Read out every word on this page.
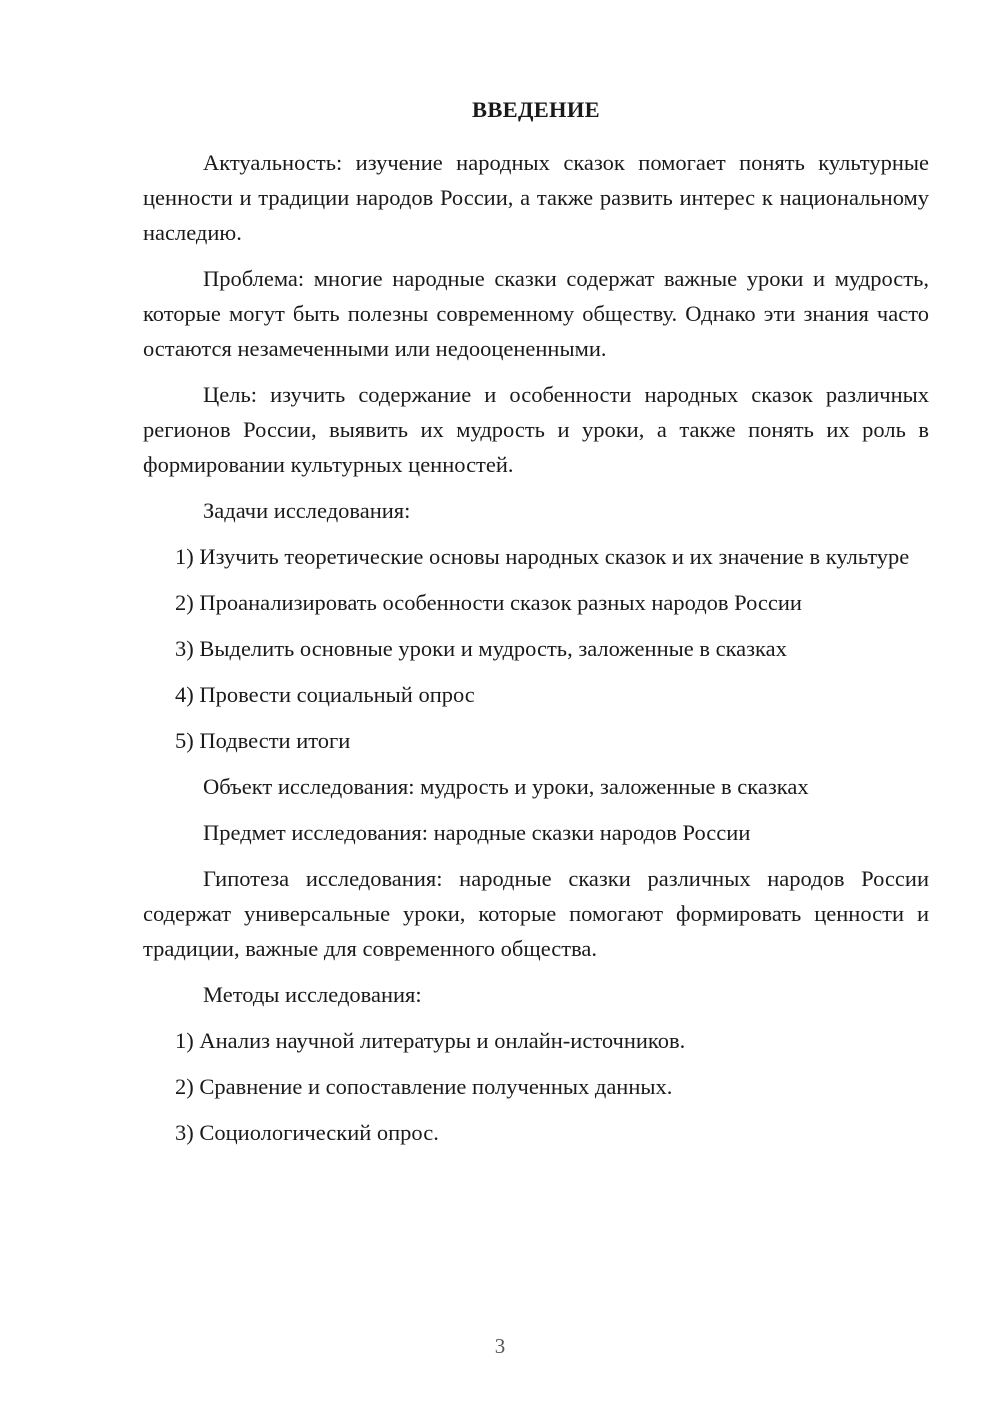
ВВЕДЕНИЕ

Актуальность: изучение народных сказок помогает понять культурные ценности и традиции народов России, а также развить интерес к национальному наследию.

Проблема: многие народные сказки содержат важные уроки и мудрость, которые могут быть полезны современному обществу. Однако эти знания часто остаются незамеченными или недооцененными.

Цель: изучить содержание и особенности народных сказок различных регионов России, выявить их мудрость и уроки, а также понять их роль в формировании культурных ценностей.

Задачи исследования:

1) Изучить теоретические основы народных сказок и их значение в культуре

2) Проанализировать особенности сказок разных народов России

3) Выделить основные уроки и мудрость, заложенные в сказках

4) Провести социальный опрос

5) Подвести итоги

Объект исследования: мудрость и уроки, заложенные в сказках

Предмет исследования: народные сказки народов России

Гипотеза исследования: народные сказки различных народов России содержат универсальные уроки, которые помогают формировать ценности и традиции, важные для современного общества.

Методы исследования:

1) Анализ научной литературы и онлайн-источников.

2) Сравнение и сопоставление полученных данных.

3) Социологический опрос.

3
